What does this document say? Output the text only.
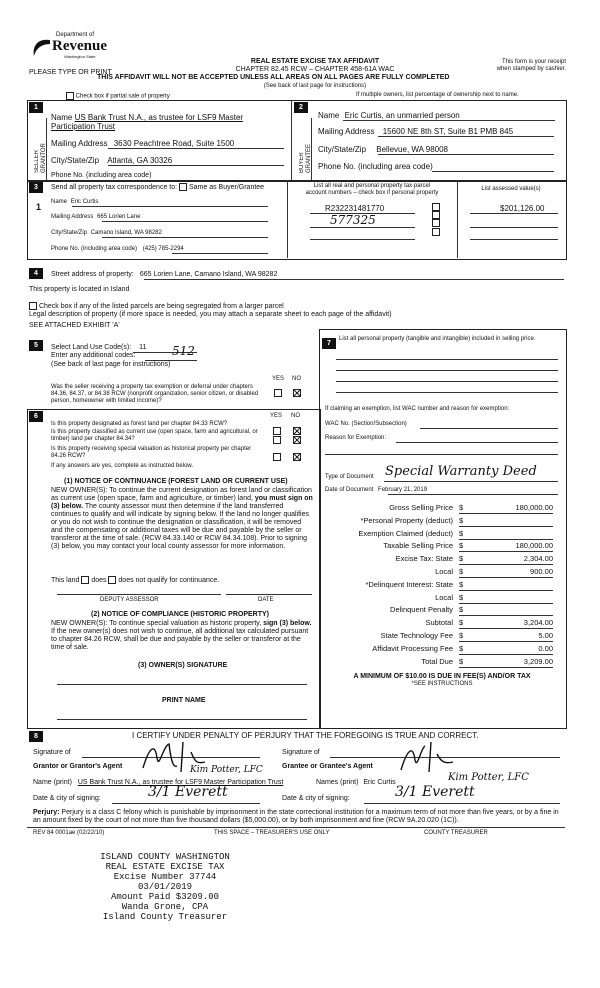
Department of
Revenue
Washington State
PLEASE TYPE OR PRINT
REAL ESTATE EXCISE TAX AFFIDAVIT
CHAPTER 82.45 RCW – CHAPTER 458-61A WAC
THIS AFFIDAVIT WILL NOT BE ACCEPTED UNLESS ALL AREAS ON ALL PAGES ARE FULLY COMPLETED
(See back of last page for instructions)
This form is your receipt
when stamped by cashier.
Check box if partial sale of property	If multiple owners, list percentage of ownership next to name.
1	2
SELLER GRANTOR
Name US Bank Trust N.A., as trustee for LSF9 Master Participation Trust
Mailing Address 3630 Peachtree Road, Suite 1500
City/State/Zip Atlanta, GA 30326
Phone No. (including area code)
BUYER GRANTEE
Name Eric Curtis, an unmarried person
Mailing Address 15600 NE 8th ST, Suite B1 PMB 845
City/State/Zip Bellevue, WA 98008
Phone No. (including area code)
3	Send all property tax correspondence to: Same as Buyer/Grantee
1 Name Eric Curtis
Mailing Address 665 Lorien Lane
City/State/Zip Camano Island, WA 98282
Phone No. (including area code) (425) 785-2294
List all real and personal property tax parcel
account numbers – check box if personal property
List assessed value(s)
R232231481770
577325

$201,126.00
4	Street address of property: 665 Lorien Lane, Camano Island, WA 98282
This property is located in Island
Check box if any of the listed parcels are being segregated from a larger parcel
Legal description of property (if more space is needed, you may attach a separate sheet to each page of the affidavit)
SEE ATTACHED EXHIBIT 'A'
5	Select Land Use Code(s): 11
Enter any additional codes:	512
(See back of last page for instructions)
YES NO
Was the seller receiving a property tax exemption or deferral under chapters 84.36, 84.37, or 84.38 RCW (nonprofit organization, senior citizen, or disabled person, homeowner with limited income)?
6	YES NO
Is this property designated as forest land per chapter 84.33 RCW?
Is this property classified as current use (open space, farm and agricultural, or timber) land per chapter 84.34?
Is this property receiving special valuation as historical property per chapter 84.26 RCW?
If any answers are yes, complete as instructed below.
(1) NOTICE OF CONTINUANCE (FOREST LAND OR CURRENT USE)
NEW OWNER(S): To continue the current designation as forest land or classification as current use (open space, farm and agriculture, or timber) land, you must sign on (3) below. The county assessor must then determine if the land transferred continues to qualify and will indicate by signing below. If the land no longer qualifies or you do not wish to continue the designation or classification, it will be removed and the compensating or additional taxes will be due and payable by the seller or transferor at the time of sale. (RCW 84.33.140 or RCW 84.34.108). Prior to signing (3) below, you may contact your local county assessor for more information.
This land does does not qualify for continuance.
DEPUTY ASSESSOR	DATE
(2) NOTICE OF COMPLIANCE (HISTORIC PROPERTY)
NEW OWNER(S): To continue special valuation as historic property, sign (3) below. If the new owner(s) does not wish to continue, all additional tax calculated pursuant to chapter 84.26 RCW, shall be due and payable by the seller or transferor at the time of sale.
(3) OWNER(S) SIGNATURE
PRINT NAME
7
List all personal property (tangible and intangible) included in selling price.
If claiming an exemption, list WAC number and reason for exemption:
WAC No. (Section/Subsection)
Reason for Exemption:
Type of Document Special Warranty Deed
Date of Document February 21, 2019
Gross Selling Price $	180,000.00
*Personal Property (deduct) $
Exemption Claimed (deduct) $
Taxable Selling Price $	180,000.00
Excise Tax: State $	2,304.00
Local $	900.00
*Delinquent Interest: State $
Local $
Delinquent Penalty $
Subtotal $	3,204.00
State Technology Fee $	5.00
Affidavit Processing Fee $	0.00
Total Due $	3,209.00
A MINIMUM OF $10.00 IS DUE IN FEE(S) AND/OR TAX
*SEE INSTRUCTIONS
8	I CERTIFY UNDER PENALTY OF PERJURY THAT THE FOREGOING IS TRUE AND CORRECT.
Signature of
Grantor or Grantor's Agent	Kim Potter, LFC
Name (print) US Bank Trust N.A., as trustee for LSF9 Master Participation Trust
Date & city of signing:	3/1 Everett
Signature of
Grantee or Grantee's Agent
Names (print) Eric Curtis	Kim Potter, LFC
Date & city of signing:	3/1 Everett
Perjury: Perjury is a class C felony which is punishable by imprisonment in the state correctional institution for a maximum term of not more than five years, or by a fine in an amount fixed by the court of not more than five thousand dollars ($5,000.00), or by both imprisonment and fine (RCW 9A.20.020 (1C)).
REV 84 0001ae (02/22/10)	THIS SPACE – TREASURER'S USE ONLY	COUNTY TREASURER
ISLAND COUNTY WASHINGTON
REAL ESTATE EXCISE TAX
Excise Number 37744
03/01/2019
Amount Paid $3209.00
Wanda Grone, CPA
Island County Treasurer
